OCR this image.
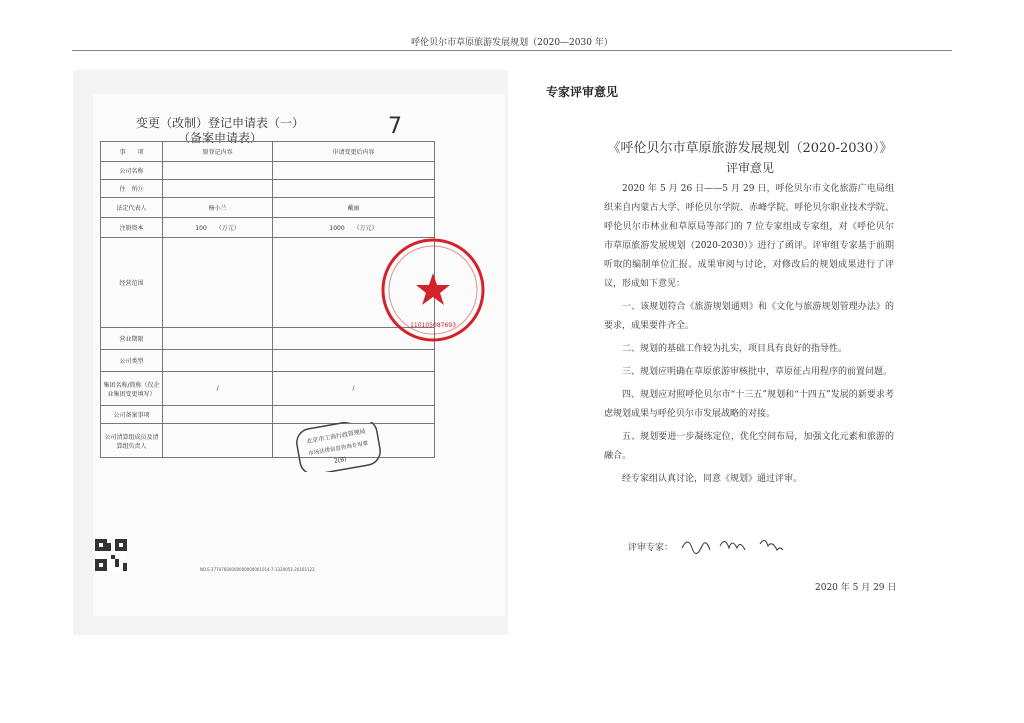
呼伦贝尔市草原旅游发展规划（2020—2030 年）
变更（改制）登记申请表（一）
（备案申请表）	7
事　　项	原登记内容	申请变更后内容
公司名称		
住　所⑪		
法定代表人	杨小兰	戴丽
注册资本	100　　（万元）	1000　　（万元）
经营范围		
营业期限		
公司类型		
集团名称/简称（仅企业集团变更填写）	/	/
公司备案事项		
公司清算组成员及清算组负责人		
NO.E 27747600000000000001014-7-1324051-20161122
110105087693
北京市工商行政管理局
市场法律信息咨询专用章
2(B)
专家评审意见
《呼伦贝尔市草原旅游发展规划（2020-2030）》
评审意见

2020 年 5 月 26 日——5 月 29 日，呼伦贝尔市文化旅游广电局组织来自内蒙古大学、呼伦贝尔学院、赤峰学院、呼伦贝尔职业技术学院、呼伦贝尔市林业和草原局等部门的 7 位专家组成专家组，对《呼伦贝尔市草原旅游发展规划（2020-2030）》进行了函评。评审组专家基于前期听取的编制单位汇报、成果审阅与讨论，对修改后的规划成果进行了评议，形成如下意见：

一、该规划符合《旅游规划通则》和《文化与旅游规划管理办法》的要求，成果要件齐全。

二、规划的基础工作较为扎实，项目具有良好的指导性。

三、规划应明确在草原旅游审核批中，草原征占用程序的前置问题。

四、规划应对照呼伦贝尔市“十三五”规划和“十四五”发展的新要求考虑规划成果与呼伦贝尔市发展战略的对接。

五、规划要进一步凝练定位，优化空间布局，加强文化元素和旅游的融合。

经专家组认真讨论，同意《规划》通过评审。

评审专家：
2020 年 5 月 29 日
